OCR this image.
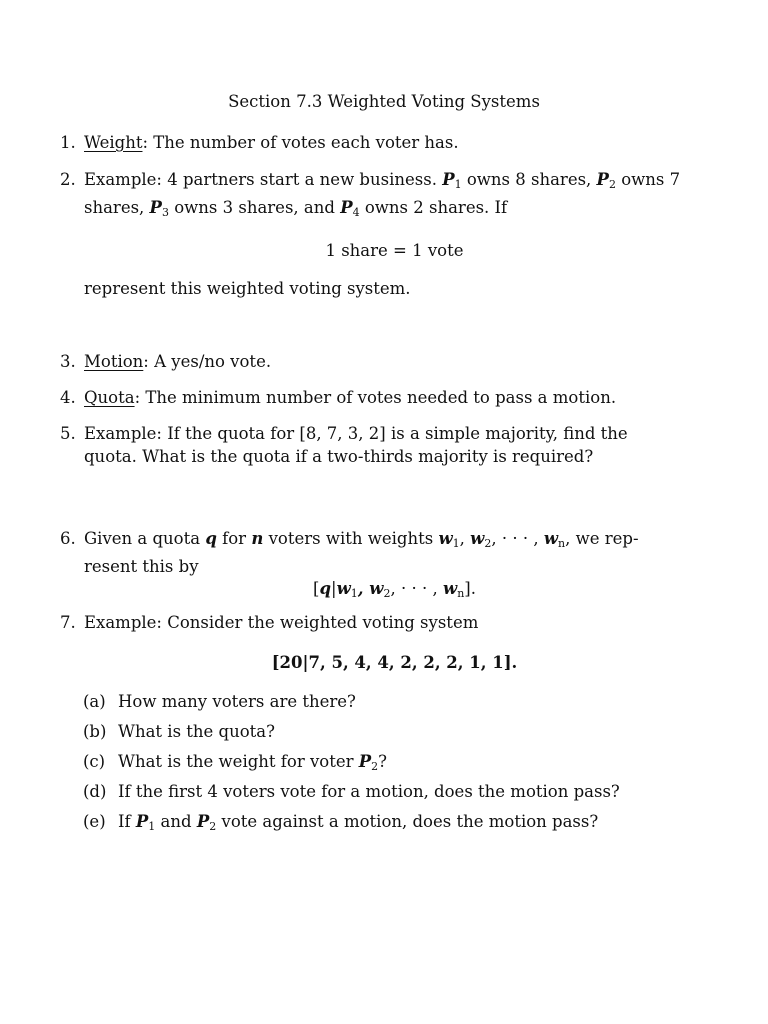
Section 7.3 Weighted Voting Systems
1. Weight: The number of votes each voter has.
2. Example: 4 partners start a new business. $P_1$ owns 8 shares, $P_2$ owns 7 shares, $P_3$ owns 3 shares, and $P_4$ owns 2 shares. If
1 share = 1 vote
represent this weighted voting system.
3. Motion: A yes/no vote.
4. Quota: The minimum number of votes needed to pass a motion.
5. Example: If the quota for [8, 7, 3, 2] is a simple majority, find the
quota. What is the quota if a two-thirds majority is required?
6. Given a quota q for n voters with weights $w_1$, $w_2$, · · · , $w_n$, we rep-
resent this by
[$q|w_1$, $w_2$, · · · , $w_n$].
7. Example: Consider the weighted voting system
[20|7, 5, 4, 4, 2, 2, 2, 1, 1].
(a) How many voters are there?
(b) What is the quota?
(c) What is the weight for voter $P_2$?
(d) If the first 4 voters vote for a motion, does the motion pass?
(e) If $P_1$ and $P_2$ vote against a motion, does the motion pass?
